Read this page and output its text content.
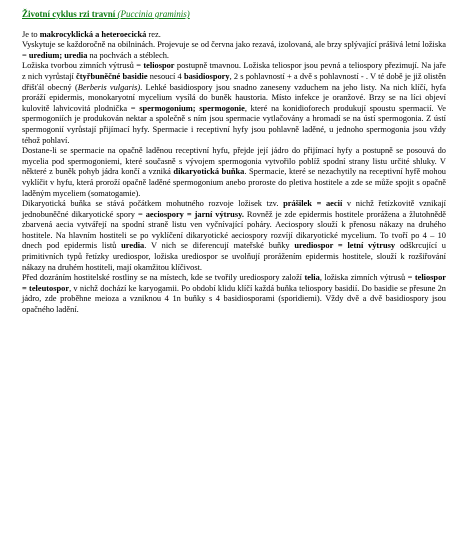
Životní cyklus rzi travní (Puccinia graminis)

Je to makrocyklická a heteroecická rez.

Vyskytuje se každoročně na obilninách. Projevuje se od června jako rezavá, izolovaná, ale brzy splývající prášivá letní ložiska = uredium; uredia na pochvách a stéblech.

Ložiska tvorbou zimních výtrusů = teliospor postupně tmavnou. Ložiska teliospor jsou pevná a teliospory přezimují. Na jaře z nich vyrůstají čtyřbuněčné basidie nesoucí 4 basidiospory, 2 s pohlavností + a dvě s pohlavností - . V té době je již olistěn dřišťál obecný (Berberis vulgaris). Lehké basidiospory jsou snadno zaneseny vzduchem na jeho listy. Na nich klíčí, hyfa proráží epidermis, monokaryotní mycelium vysílá do buněk haustoria. Místo infekce je oranžové. Brzy se na líci objeví kulovitě lahvicovitá plodnička = spermogonium; spermogonie, které na konidioforech produkují spoustu spermacií. Ve spermogoniích je produkován nektar a společně s ním jsou spermacie vytlačovány a hromadí se na ústí spermogonia. Z ústí spermogonií vyrůstají přijímací hyfy. Spermacie i receptivní hyfy jsou pohlavně laděné, u jednoho spermogonia jsou vždy téhož pohlaví.

Dostane-li se spermacie na opačně laděnou receptivní hyfu, přejde její jádro do přijímací hyfy a postupně se posouvá do mycelia pod spermogoniemi, které současně s vývojem spermogonia vytvořilo poblíž spodní strany listu určité shluky. V některé z buněk pohyb jádra končí a vzniká dikaryotická buňka. Spermacie, které se nezachytily na receptivní hyfě mohou vyklíčit v hyfu, která proroží opačně laděné spermogonium anebo proroste do pletiva hostitele a zde se může spojit s opačně laděným myceliem (somatogamie).

Dikaryotická buňka se stává počátkem mohutného rozvoje ložisek tzv. prášilek = aecií v nichž řetízkovitě vznikají jednobuněčné dikaryotické spory = aeciospory = jarní výtrusy. Rovněž je zde epidermis hostitele prorážena a žlutohnědě zbarvená aecia vytvářejí na spodní straně listu ven vyčnívající poháry. Aeciospory slouží k přenosu nákazy na druhého hostitele. Na hlavním hostiteli se po vyklíčení dikaryotické aeciospory rozvíjí dikaryotické mycelium. To tvoří po 4 – 10 dnech pod epidermis listů uredia. V nich se diferencují mateřské buňky urediospor = letní výtrusy odškrcující u primitivních typů řetízky urediospor, ložiska urediospor se uvolňují prorážením epidermis hostitele, slouží k rozšiřování nákazy na druhém hostiteli, mají okamžitou klíčivost.

Před dozráním hostitelské rostliny se na místech, kde se tvořily urediospory založí telia, ložiska zimních výtrusů = teliospor = teleutospor, v nichž dochází ke karyogamii. Po období klidu klíčí každá buňka teliospory basidií. Do basidie se přesune 2n jádro, zde proběhne meioza a vzniknou 4 1n buňky s 4 basidiosporami (sporidiemi). Vždy dvě a dvě basidiospory jsou opačného ladění.
